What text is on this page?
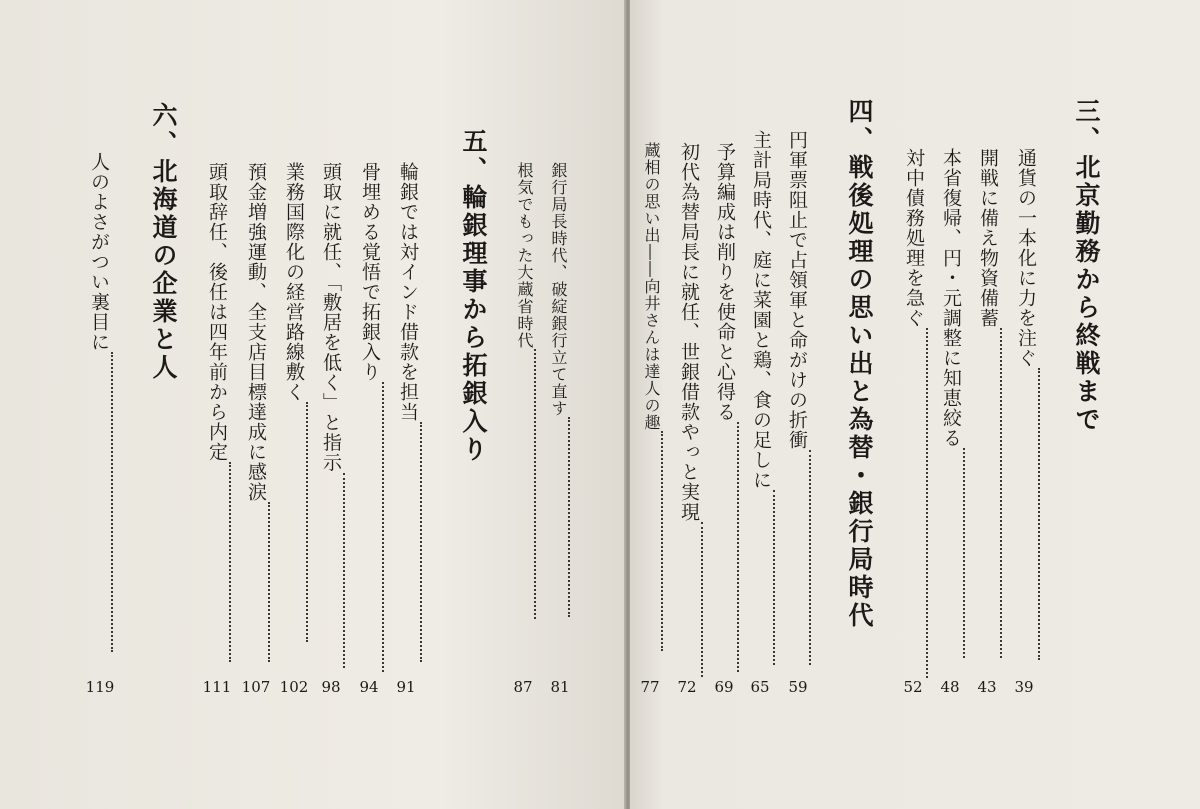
銀行局長時代、破綻銀行立て直す
81
根気でもった大蔵省時代
87
五、輪銀理事から拓銀入り
輪銀では対インド借款を担当
91
骨埋める覚悟で拓銀入り
94
頭取に就任、「敷居を低く」と指示
98
業務国際化の経営路線敷く
102
預金増強運動、全支店目標達成に感涙
107
頭取辞任、後任は四年前から内定
111
六、北海道の企業と人
人のよさがつい裏目に
119
三、北京勤務から終戦まで
通貨の一本化に力を注ぐ
39
開戦に備え物資備蓄
43
本省復帰、円・元調整に知恵絞る
48
対中債務処理を急ぐ
52
四、戦後処理の思い出と為替・銀行局時代
円軍票阻止で占領軍と命がけの折衝
59
主計局時代、庭に菜園と鶏、食の足しに
65
予算編成は削りを使命と心得る
69
初代為替局長に就任、世銀借款やっと実現
72
蔵相の思い出――向井さんは達人の趣
77
